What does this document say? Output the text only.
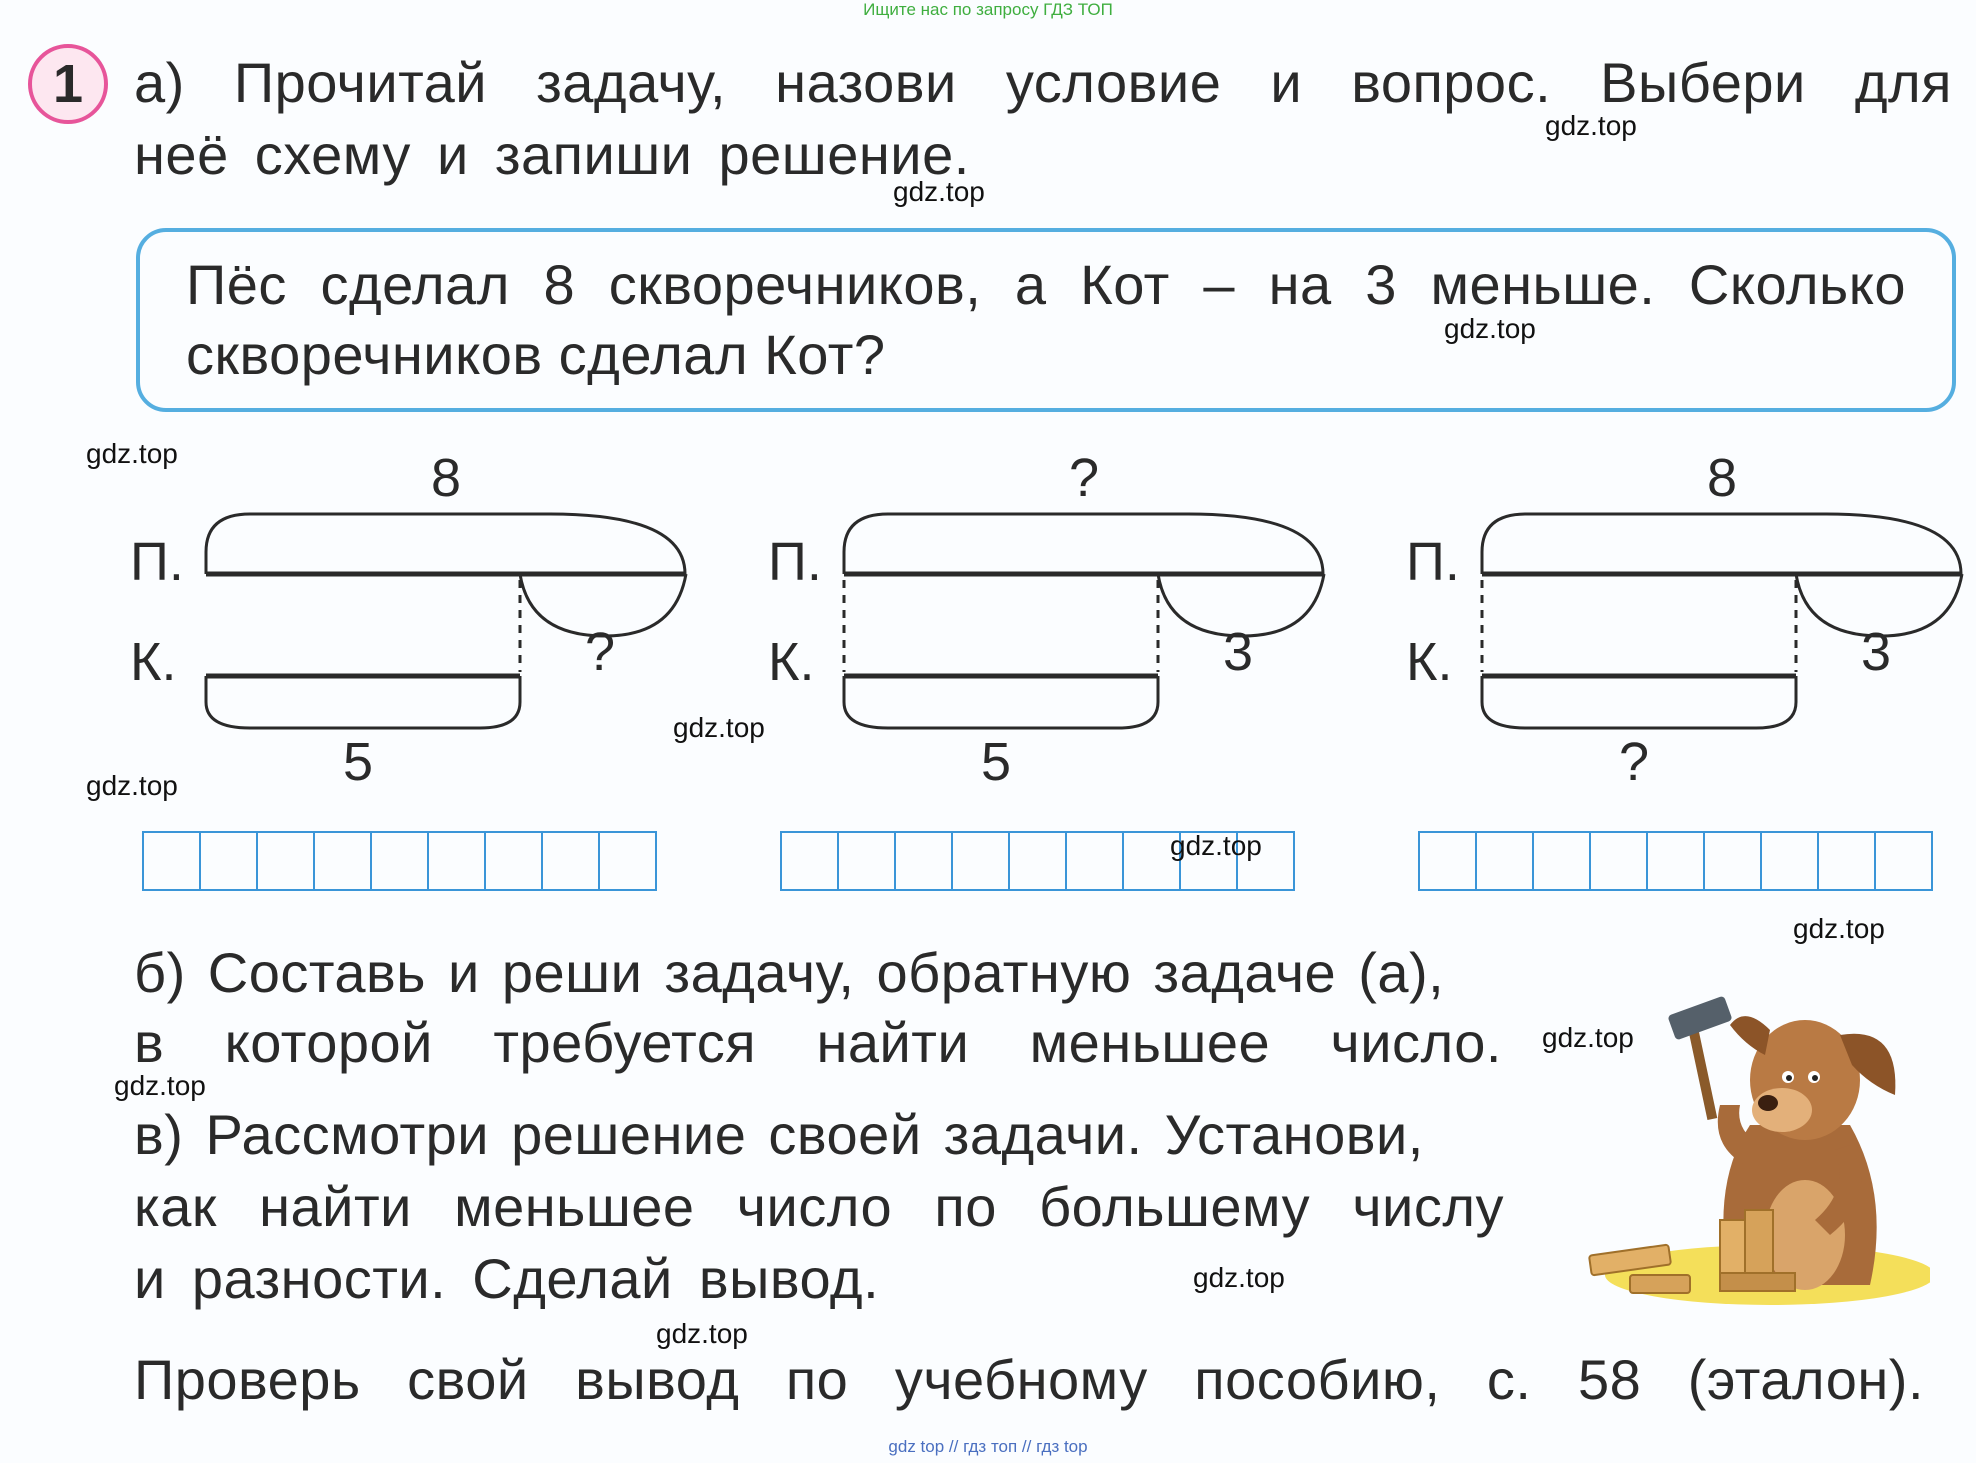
Ищите нас по запросу ГДЗ ТОП
1 а) Прочитай задачу, назови условие и вопрос. Выбери для
неё схему и запиши решение.
Пёс сделал 8 скворечников, а Кот – на 3 меньше. Сколько
скворечников сделал Кот?
П.
К.
8
?
5
П.
К.
?
3
5
П.
К.
8
3
?
б) Составь и реши задачу, обратную задаче (а),
в которой требуется найти меньшее число.
в) Рассмотри решение своей задачи. Установи,
как найти меньшее число по большему числу
и разности. Сделай вывод.
Проверь свой вывод по учебному пособию, с. 58 (эталон).
gdz.top
gdz.top
gdz.top
gdz.top
gdz.top
gdz.top
gdz.top
gdz.top
gdz.top
gdz.top
gdz.top
gdz.top
gdz top // гдз топ // гдз top
